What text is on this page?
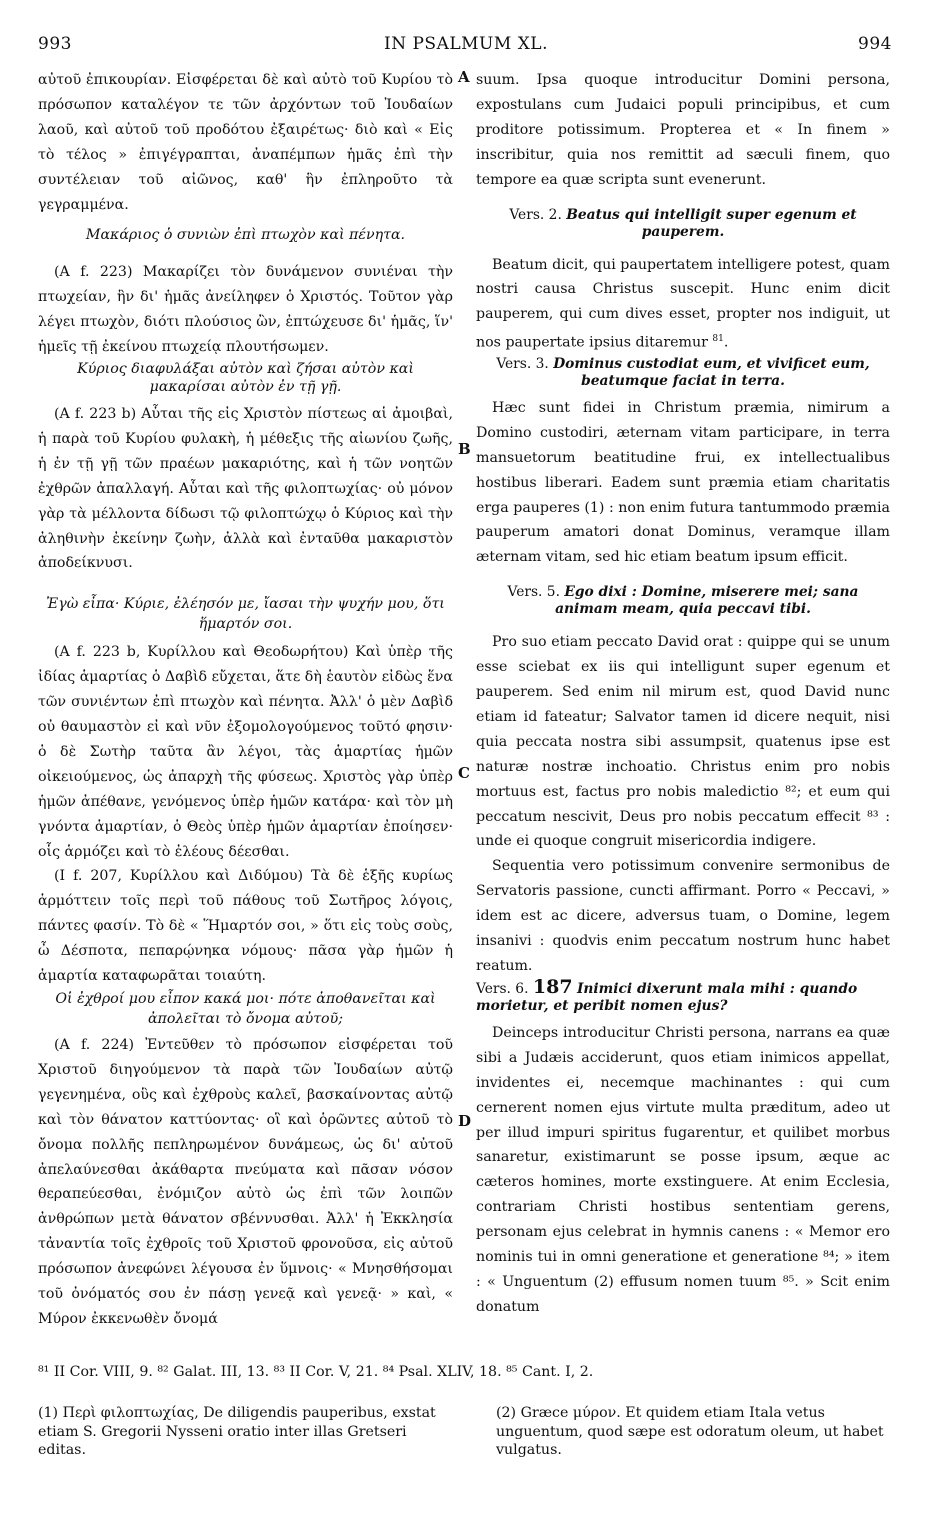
993	IN PSALMUM XL.	994
A
B
C
D

αὐτοῦ ἐπικουρίαν. Εἰσφέρεται δὲ καὶ αὐτὸ τοῦ Κυρίου τὸ πρόσωπον καταλέγον τε τῶν ἀρχόντων τοῦ Ἰουδαίων λαοῦ, καὶ αὐτοῦ τοῦ προδότου ἐξαιρέτως· διὸ καὶ « Εἰς τὸ τέλος » ἐπιγέγραπται, ἀναπέμπων ἡμᾶς ἐπὶ τὴν συντέλειαν τοῦ αἰῶνος, καθ' ἣν ἐπληροῦτο τὰ γεγραμμένα.

Μακάριος ὁ συνιὼν ἐπὶ πτωχὸν καὶ πένητα.

(A f. 223) Μακαρίζει τὸν δυνάμενον συνιέναι τὴν πτωχείαν, ἣν δι' ἡμᾶς ἀνείληφεν ὁ Χριστός. Τοῦτον γὰρ λέγει πτωχὸν, διότι πλούσιος ὢν, ἐπτώχευσε δι' ἡμᾶς, ἵν' ἡμεῖς τῇ ἐκείνου πτωχείᾳ πλουτήσωμεν.

Κύριος διαφυλάξαι αὐτὸν καὶ ζήσαι αὐτὸν καὶ μακαρίσαι αὐτὸν ἐν τῇ γῇ.

(A f. 223 b) Αὗται τῆς εἰς Χριστὸν πίστεως αἱ ἀμοιβαὶ, ἡ παρὰ τοῦ Κυρίου φυλακὴ, ἡ μέθεξις τῆς αἰωνίου ζωῆς, ἡ ἐν τῇ γῇ τῶν πραέων μακαριότης, καὶ ἡ τῶν νοητῶν ἐχθρῶν ἀπαλλαγή. Αὗται καὶ τῆς φιλοπτωχίας· οὐ μόνον γὰρ τὰ μέλλοντα δίδωσι τῷ φιλοπτώχῳ ὁ Κύριος καὶ τὴν ἀληθινὴν ἐκείνην ζωὴν, ἀλλὰ καὶ ἐνταῦθα μακαριστὸν ἀποδείκνυσι.

Ἐγὼ εἶπα· Κύριε, ἐλέησόν με, ἴασαι τὴν ψυχήν μου, ὅτι ἥμαρτόν σοι.

(A f. 223 b, Κυρίλλου καὶ Θεοδωρήτου) Καὶ ὑπὲρ τῆς ἰδίας ἁμαρτίας ὁ Δαβὶδ εὔχεται, ἅτε δὴ ἑαυτὸν εἰδὼς ἕνα τῶν συνιέντων ἐπὶ πτωχὸν καὶ πένητα. Ἀλλ' ὁ μὲν Δαβὶδ οὐ θαυμαστὸν εἰ καὶ νῦν ἐξομολογούμενος τοῦτό φησιν· ὁ δὲ Σωτὴρ ταῦτα ἂν λέγοι, τὰς ἁμαρτίας ἡμῶν οἰκειούμενος, ὡς ἀπαρχὴ τῆς φύσεως. Χριστὸς γὰρ ὑπὲρ ἡμῶν ἀπέθανε, γενόμενος ὑπὲρ ἡμῶν κατάρα· καὶ τὸν μὴ γνόντα ἁμαρτίαν, ὁ Θεὸς ὑπὲρ ἡμῶν ἁμαρτίαν ἐποίησεν· οἷς ἁρμόζει καὶ τὸ ἐλέους δέεσθαι.

(I f. 207, Κυρίλλου καὶ Διδύμου) Τὰ δὲ ἑξῆς κυρίως ἁρμόττειν τοῖς περὶ τοῦ πάθους τοῦ Σωτῆρος λόγοις, πάντες φασίν. Τὸ δὲ « Ἥμαρτόν σοι, » ὅτι εἰς τοὺς σοὺς, ὦ Δέσποτα, πεπαρῴνηκα νόμους· πᾶσα γὰρ ἡμῶν ἡ ἁμαρτία καταφωρᾶται τοιαύτη.

Οἱ ἐχθροί μου εἶπον κακά μοι· πότε ἀποθανεῖται καὶ ἀπολεῖται τὸ ὄνομα αὐτοῦ;

(A f. 224) Ἐντεῦθεν τὸ πρόσωπον εἰσφέρεται τοῦ Χριστοῦ διηγούμενον τὰ παρὰ τῶν Ἰουδαίων αὐτῷ γεγενημένα, οὓς καὶ ἐχθροὺς καλεῖ, βασκαίνοντας αὐτῷ καὶ τὸν θάνατον καττύοντας· οἳ καὶ ὁρῶντες αὐτοῦ τὸ ὄνομα πολλῆς πεπληρωμένον δυνάμεως, ὡς δι' αὐτοῦ ἀπελαύνεσθαι ἀκάθαρτα πνεύματα καὶ πᾶσαν νόσον θεραπεύεσθαι, ἐνόμιζον αὐτὸ ὡς ἐπὶ τῶν λοιπῶν ἀνθρώπων μετὰ θάνατον σβέννυσθαι. Ἀλλ' ἡ Ἐκκλησία τἀναντία τοῖς ἐχθροῖς τοῦ Χριστοῦ φρονοῦσα, εἰς αὐτοῦ πρόσωπον ἀνεφώνει λέγουσα ἐν ὕμνοις· « Μνησθήσομαι τοῦ ὀνόματός σου ἐν πάσῃ γενεᾷ καὶ γενεᾷ· » καὶ, « Μύρον ἐκκενωθὲν ὄνομά

suum. Ipsa quoque introducitur Domini persona, expostulans cum Judaici populi principibus, et cum proditore potissimum. Propterea et « In finem » inscribitur, quia nos remittit ad sæculi finem, quo tempore ea quæ scripta sunt evenerunt.

Vers. 2. Beatus qui intelligit super egenum et pauperem.

Beatum dicit, qui paupertatem intelligere potest, quam nostri causa Christus suscepit. Hunc enim dicit pauperem, qui cum dives esset, propter nos indiguit, ut nos paupertate ipsius ditaremur $^{81}$.

Vers. 3. Dominus custodiat eum, et vivificet eum, beatumque faciat in terra.

Hæc sunt fidei in Christum præmia, nimirum a Domino custodiri, æternam vitam participare, in terra mansuetorum beatitudine frui, ex intellectualibus hostibus liberari. Eadem sunt præmia etiam charitatis erga pauperes (1) : non enim futura tantummodo præmia pauperum amatori donat Dominus, veramque illam æternam vitam, sed hic etiam beatum ipsum efficit.

Vers. 5. Ego dixi : Domine, miserere mei; sana animam meam, quia peccavi tibi.

Pro suo etiam peccato David orat : quippe qui se unum esse sciebat ex iis qui intelligunt super egenum et pauperem. Sed enim nil mirum est, quod David nunc etiam id fateatur; Salvator tamen id dicere nequit, nisi quia peccata nostra sibi assumpsit, quatenus ipse est naturæ nostræ inchoatio. Christus enim pro nobis mortuus est, factus pro nobis maledictio ⁸²; et eum qui peccatum nescivit, Deus pro nobis peccatum effecit ⁸³ : unde ei quoque congruit misericordia indigere.

Sequentia vero potissimum convenire sermonibus de Servatoris passione, cuncti affirmant. Porro « Peccavi, » idem est ac dicere, adversus tuam, o Domine, legem insanivi : quodvis enim peccatum nostrum hunc habet reatum.

Vers. 6. 187 Inimici dixerunt mala mihi : quando morietur, et peribit nomen ejus?

Deinceps introducitur Christi persona, narrans ea quæ sibi a Judæis acciderunt, quos etiam inimicos appellat, invidentes ei, necemque machinantes : qui cum cernerent nomen ejus virtute multa præditum, adeo ut per illud impuri spiritus fugarentur, et quilibet morbus sanaretur, existimarunt se posse ipsum, æque ac cæteros homines, morte exstinguere. At enim Ecclesia, contrariam Christi hostibus sententiam gerens, personam ejus celebrat in hymnis canens : « Memor ero nominis tui in omni generatione et generatione ⁸⁴; » item : « Unguentum (2) effusum nomen tuum ⁸⁵. » Scit enim donatum

⁸¹ II Cor. VIII, 9. ⁸² Galat. III, 13. ⁸³ II Cor. V, 21. ⁸⁴ Psal. XLIV, 18. ⁸⁵ Cant. I, 2.

(1) Περὶ φιλοπτωχίας, De diligendis pauperibus, exstat etiam S. Gregorii Nysseni oratio inter illas Gretseri editas.

(2) Græce μύρον. Et quidem etiam Itala vetus unguentum, quod sæpe est odoratum oleum, ut habet vulgatus.
